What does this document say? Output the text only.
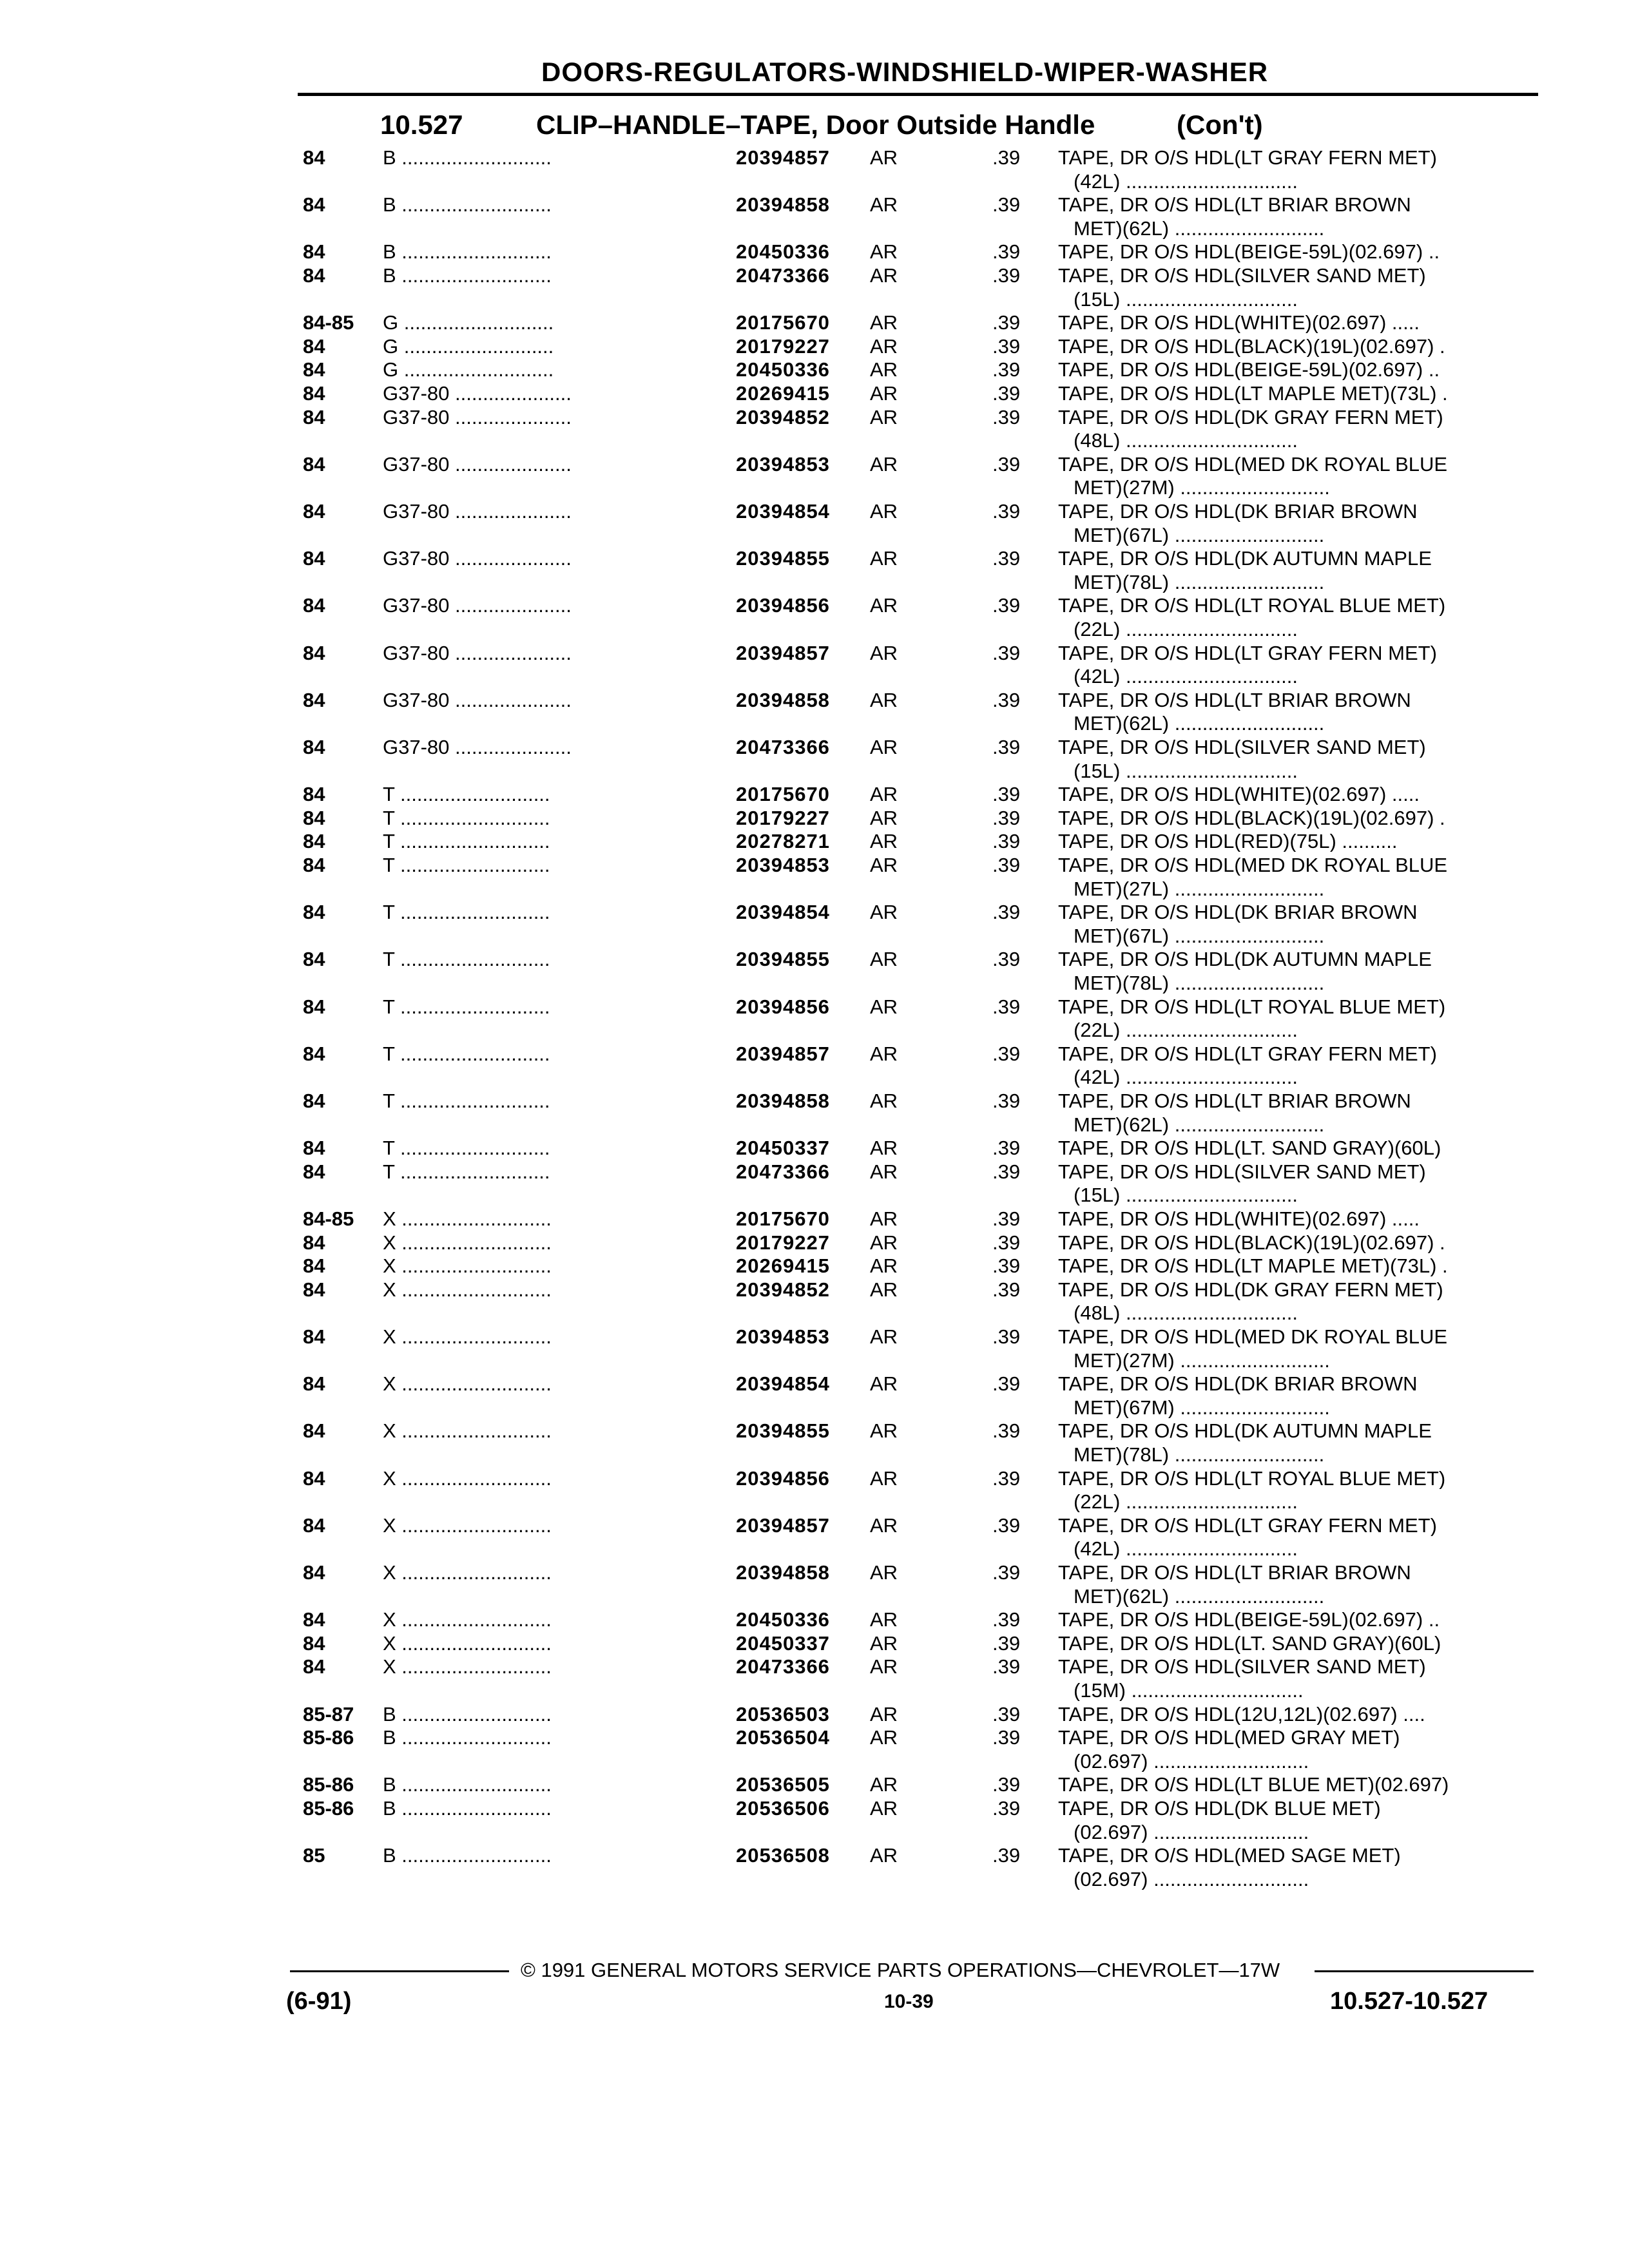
DOORS-REGULATORS-WINDSHIELD-WIPER-WASHER
10.527	CLIP–HANDLE–TAPE, Door Outside Handle	(Con't)
84	B ...........................	20394857 AR	.39 TAPE, DR O/S HDL(LT GRAY FERN MET)
(42L) ...............................
84	B ...........................	20394858 AR	.39 TAPE, DR O/S HDL(LT BRIAR BROWN
MET)(62L) ...........................
84	B ...........................	20450336 AR	.39 TAPE, DR O/S HDL(BEIGE-59L)(02.697) ..
84	B ...........................	20473366 AR	.39 TAPE, DR O/S HDL(SILVER SAND MET)
(15L) ...............................
84-85 G ...........................	20175670 AR	.39 TAPE, DR O/S HDL(WHITE)(02.697) .....
84	G ...........................	20179227 AR	.39 TAPE, DR O/S HDL(BLACK)(19L)(02.697) .
84	G ...........................	20450336 AR	.39 TAPE, DR O/S HDL(BEIGE-59L)(02.697) ..
84	G37-80 .....................	20269415 AR	.39 TAPE, DR O/S HDL(LT MAPLE MET)(73L) .
84	G37-80 .....................	20394852 AR	.39 TAPE, DR O/S HDL(DK GRAY FERN MET)
(48L) ...............................
84	G37-80 .....................	20394853 AR	.39 TAPE, DR O/S HDL(MED DK ROYAL BLUE
MET)(27M) ...........................
84	G37-80 .....................	20394854 AR	.39 TAPE, DR O/S HDL(DK BRIAR BROWN
MET)(67L) ...........................
84	G37-80 .....................	20394855 AR	.39 TAPE, DR O/S HDL(DK AUTUMN MAPLE
MET)(78L) ...........................
84	G37-80 .....................	20394856 AR	.39 TAPE, DR O/S HDL(LT ROYAL BLUE MET)
(22L) ...............................
84	G37-80 .....................	20394857 AR	.39 TAPE, DR O/S HDL(LT GRAY FERN MET)
(42L) ...............................
84	G37-80 .....................	20394858 AR	.39 TAPE, DR O/S HDL(LT BRIAR BROWN
MET)(62L) ...........................
84	G37-80 .....................	20473366 AR	.39 TAPE, DR O/S HDL(SILVER SAND MET)
(15L) ...............................
84	T ...........................	20175670 AR	.39 TAPE, DR O/S HDL(WHITE)(02.697) .....
84	T ...........................	20179227 AR	.39 TAPE, DR O/S HDL(BLACK)(19L)(02.697) .
84	T ...........................	20278271 AR	.39 TAPE, DR O/S HDL(RED)(75L) ..........
84	T ...........................	20394853 AR	.39 TAPE, DR O/S HDL(MED DK ROYAL BLUE
MET)(27L) ...........................
84	T ...........................	20394854 AR	.39 TAPE, DR O/S HDL(DK BRIAR BROWN
MET)(67L) ...........................
84	T ...........................	20394855 AR	.39 TAPE, DR O/S HDL(DK AUTUMN MAPLE
MET)(78L) ...........................
84	T ...........................	20394856 AR	.39 TAPE, DR O/S HDL(LT ROYAL BLUE MET)
(22L) ...............................
84	T ...........................	20394857 AR	.39 TAPE, DR O/S HDL(LT GRAY FERN MET)
(42L) ...............................
84	T ...........................	20394858 AR	.39 TAPE, DR O/S HDL(LT BRIAR BROWN
MET)(62L) ...........................
84	T ...........................	20450337 AR	.39 TAPE, DR O/S HDL(LT. SAND GRAY)(60L)
84	T ...........................	20473366 AR	.39 TAPE, DR O/S HDL(SILVER SAND MET)
(15L) ...............................
84-85 X ...........................	20175670 AR	.39 TAPE, DR O/S HDL(WHITE)(02.697) .....
84	X ...........................	20179227 AR	.39 TAPE, DR O/S HDL(BLACK)(19L)(02.697) .
84	X ...........................	20269415 AR	.39 TAPE, DR O/S HDL(LT MAPLE MET)(73L) .
84	X ...........................	20394852 AR	.39 TAPE, DR O/S HDL(DK GRAY FERN MET)
(48L) ...............................
84	X ...........................	20394853 AR	.39 TAPE, DR O/S HDL(MED DK ROYAL BLUE
MET)(27M) ...........................
84	X ...........................	20394854 AR	.39 TAPE, DR O/S HDL(DK BRIAR BROWN
MET)(67M) ...........................
84	X ...........................	20394855 AR	.39 TAPE, DR O/S HDL(DK AUTUMN MAPLE
MET)(78L) ...........................
84	X ...........................	20394856 AR	.39 TAPE, DR O/S HDL(LT ROYAL BLUE MET)
(22L) ...............................
84	X ...........................	20394857 AR	.39 TAPE, DR O/S HDL(LT GRAY FERN MET)
(42L) ...............................
84	X ...........................	20394858 AR	.39 TAPE, DR O/S HDL(LT BRIAR BROWN
MET)(62L) ...........................
84	X ...........................	20450336 AR	.39 TAPE, DR O/S HDL(BEIGE-59L)(02.697) ..
84	X ...........................	20450337 AR	.39 TAPE, DR O/S HDL(LT. SAND GRAY)(60L)
84	X ...........................	20473366 AR	.39 TAPE, DR O/S HDL(SILVER SAND MET)
(15M) ...............................
85-87 B ...........................	20536503 AR	.39 TAPE, DR O/S HDL(12U,12L)(02.697) ....
85-86 B ...........................	20536504 AR	.39 TAPE, DR O/S HDL(MED GRAY MET)
(02.697) ............................
85-86 B ...........................	20536505 AR	.39 TAPE, DR O/S HDL(LT BLUE MET)(02.697)
85-86 B ...........................	20536506 AR	.39 TAPE, DR O/S HDL(DK BLUE MET)
(02.697) ............................
85	B ...........................	20536508 AR	.39 TAPE, DR O/S HDL(MED SAGE MET)
(02.697) ............................
© 1991 GENERAL MOTORS SERVICE PARTS OPERATIONS—CHEVROLET—17W
(6-91)	10-39	10.527-10.527
